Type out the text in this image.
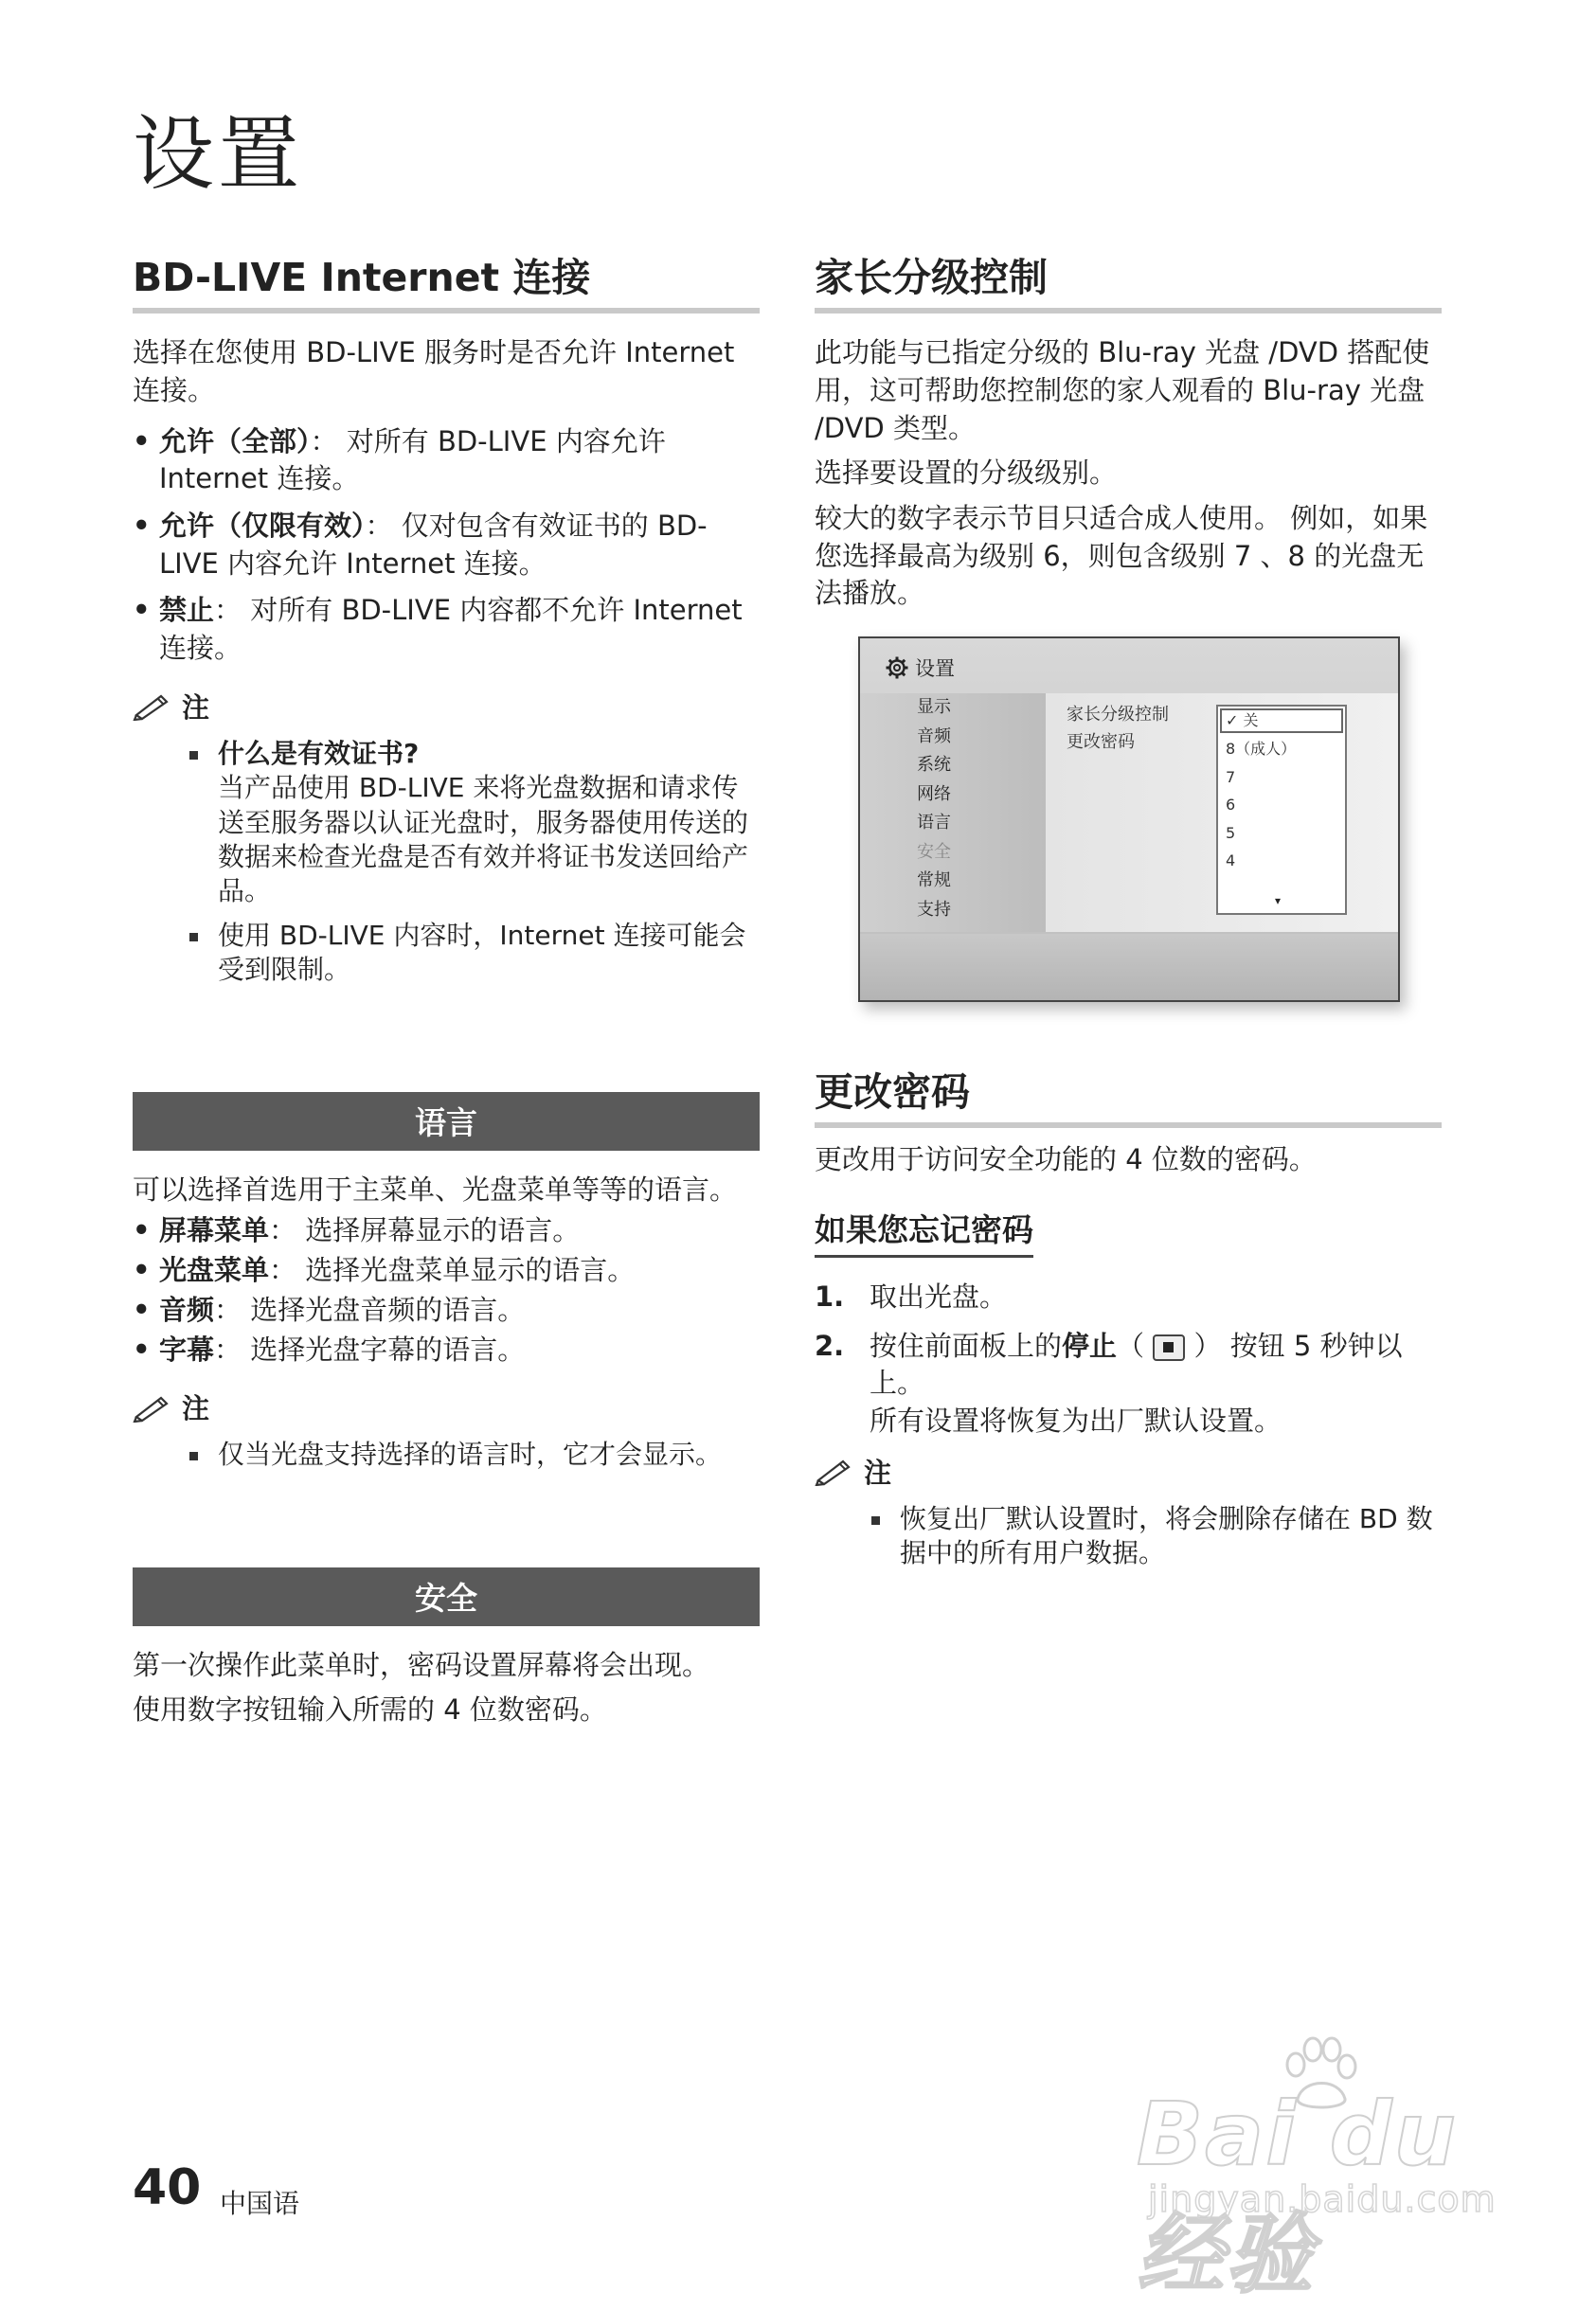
设置
BD-LIVE Internet 连接

选择在您使用 BD-LIVE 服务时是否允许 Internet 连接。

• 允许（全部）： 对所有 BD-LIVE 内容允许 Internet 连接。
• 允许（仅限有效）： 仅对包含有效证书的 BD-LIVE 内容允许 Internet 连接。
• 禁止： 对所有 BD-LIVE 内容都不允许 Internet 连接。
注
什么是有效证书?
当产品使用 BD-LIVE 来将光盘数据和请求传送至服务器以认证光盘时，服务器使用传送的数据来检查光盘是否有效并将证书发送回给产品。
使用 BD-LIVE 内容时，Internet 连接可能会受到限制。
语言

可以选择首选用于主菜单、光盘菜单等等的语言。

• 屏幕菜单： 选择屏幕显示的语言。
• 光盘菜单： 选择光盘菜单显示的语言。
• 音频： 选择光盘音频的语言。
• 字幕： 选择光盘字幕的语言。
注
仅当光盘支持选择的语言时，它才会显示。
安全

第一次操作此菜单时，密码设置屏幕将会出现。

使用数字按钮输入所需的 4 位数密码。

家长分级控制

此功能与已指定分级的 Blu-ray 光盘 /DVD 搭配使用，这可帮助您控制您的家人观看的 Blu-ray 光盘 /DVD 类型。

选择要设置的分级级别。

较大的数字表示节目只适合成人使用。 例如，如果您选择最高为级别 6，则包含级别 7 、8 的光盘无法播放。

设置
显示
音频
系统
网络
语言
安全
常规
支持
家长分级控制
更改密码
✓ 关
8（成人）
7
6
5
4
▾
更改密码

更改用于访问安全功能的 4 位数的密码。

如果您忘记密码
1. 取出光盘。
2. 按住前面板上的停止（ ） 按钮 5 秒钟以上。
所有设置将恢复为出厂默认设置。
注
恢复出厂默认设置时，将会删除存储在 BD 数据中的所有用户数据。
40 中国语
Bai du 经验
jingyan.baidu.com
